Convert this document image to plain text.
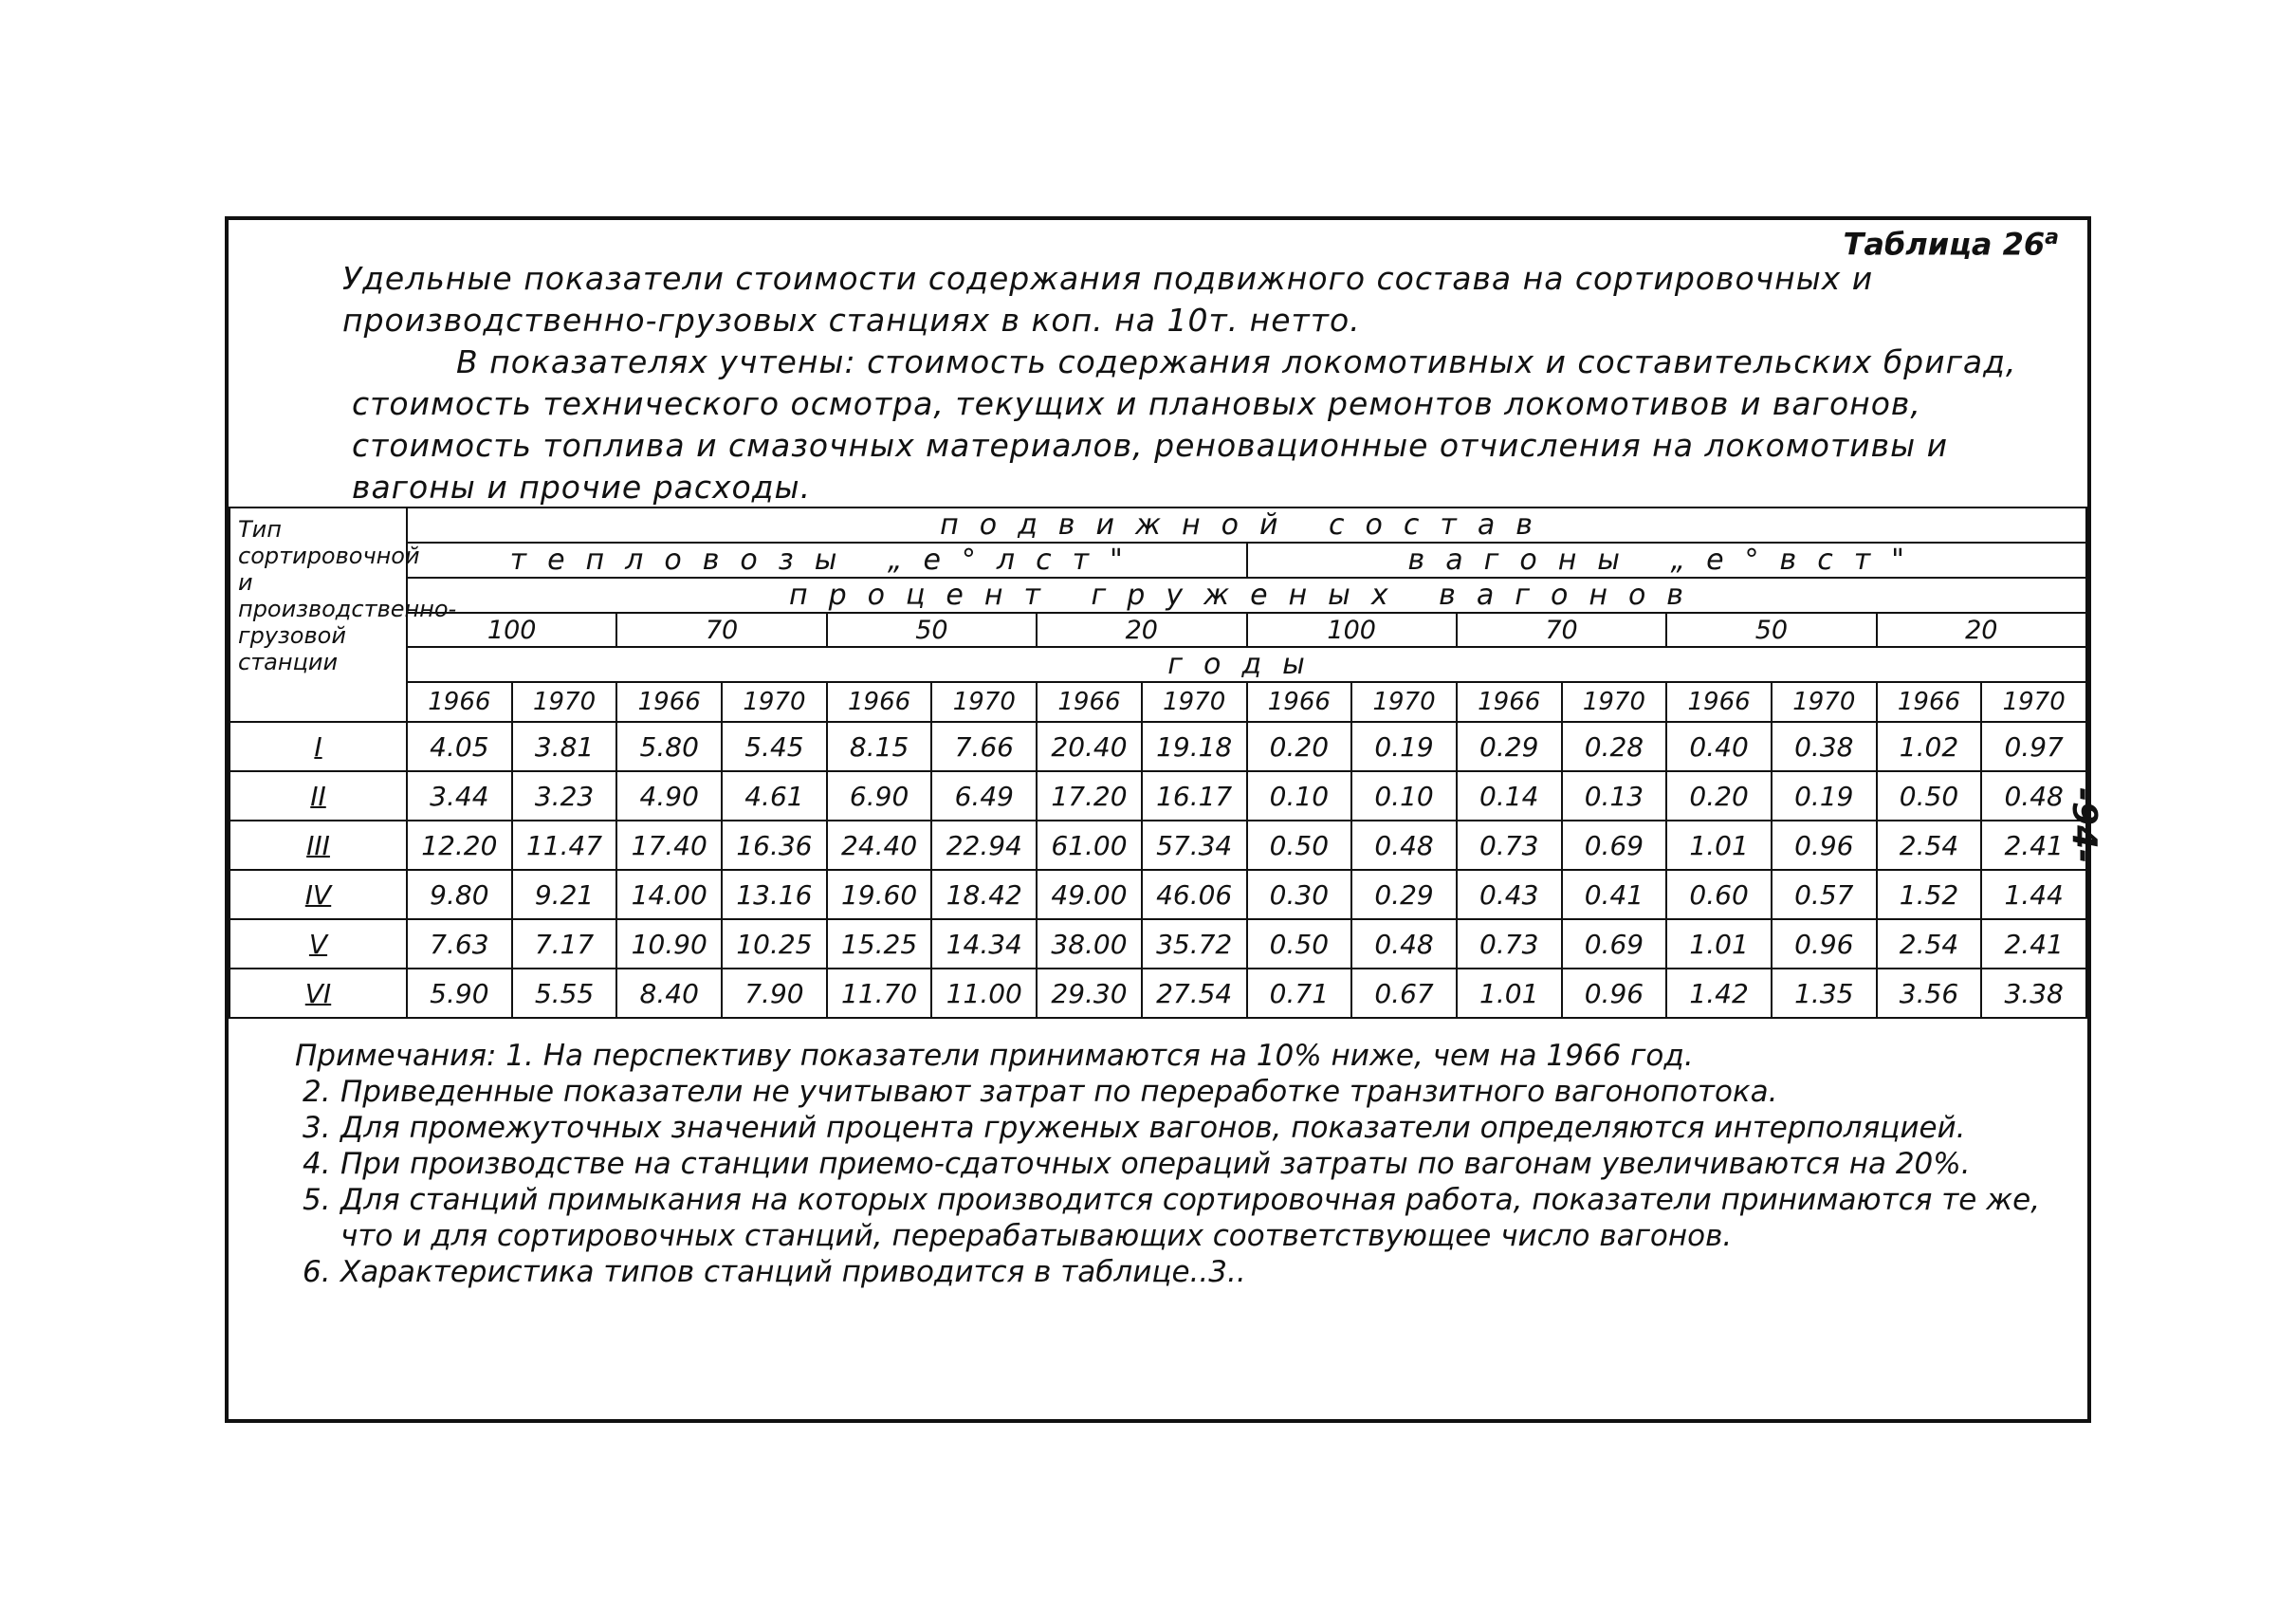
Таблица $26^а$
Удельные показатели стоимости содержания подвижного состава на сортировочных и производственно-грузовых станциях в коп. на 10т. нетто.
В показателях учтены: стоимость содержания локомотивных и составительских бригад, стоимость технического осмотра, текущих и плановых ремонтов локомотивов и вагонов, стоимость топлива и смазочных материалов, реновационные отчисления на локомотивы и вагоны и прочие расходы.
Тип сортировочной и производственно-грузовой станции	подвижной состав															
	тепловозы „е°лст"								вагоны „е°вст"							
	процент груженых вагонов															
	100		70		50		20		100		70		50		20	
	годы															
	1966	1970	1966	1970	1966	1970	1966	1970	1966	1970	1966	1970	1966	1970	1966	1970
I	4.05	3.81	5.80	5.45	8.15	7.66	20.40	19.18	0.20	0.19	0.29	0.28	0.40	0.38	1.02	0.97
II	3.44	3.23	4.90	4.61	6.90	6.49	17.20	16.17	0.10	0.10	0.14	0.13	0.20	0.19	0.50	0.48
III	12.20	11.47	17.40	16.36	24.40	22.94	61.00	57.34	0.50	0.48	0.73	0.69	1.01	0.96	2.54	2.41
IV	9.80	9.21	14.00	13.16	19.60	18.42	49.00	46.06	0.30	0.29	0.43	0.41	0.60	0.57	1.52	1.44
V	7.63	7.17	10.90	10.25	15.25	14.34	38.00	35.72	0.50	0.48	0.73	0.69	1.01	0.96	2.54	2.41
VI	5.90	5.55	8.40	7.90	11.70	11.00	29.30	27.54	0.71	0.67	1.01	0.96	1.42	1.35	3.56	3.38

Примечания: 1. На перспективу показатели принимаются на 10% ниже, чем на 1966 год.

2. Приведенные показатели не учитывают затрат по переработке транзитного вагонопотока.

3. Для промежуточных значений процента груженых вагонов, показатели определяются интерполяцией.

4. При производстве на станции приемо-сдаточных операций затраты по вагонам увеличиваются на 20%.

5. Для станций примыкания на которых производится сортировочная работа, показатели принимаются те же, что и для сортировочных станций, перерабатывающих соответствующее число вагонов.

6. Характеристика типов станций приводится в таблице..3..

-94-
